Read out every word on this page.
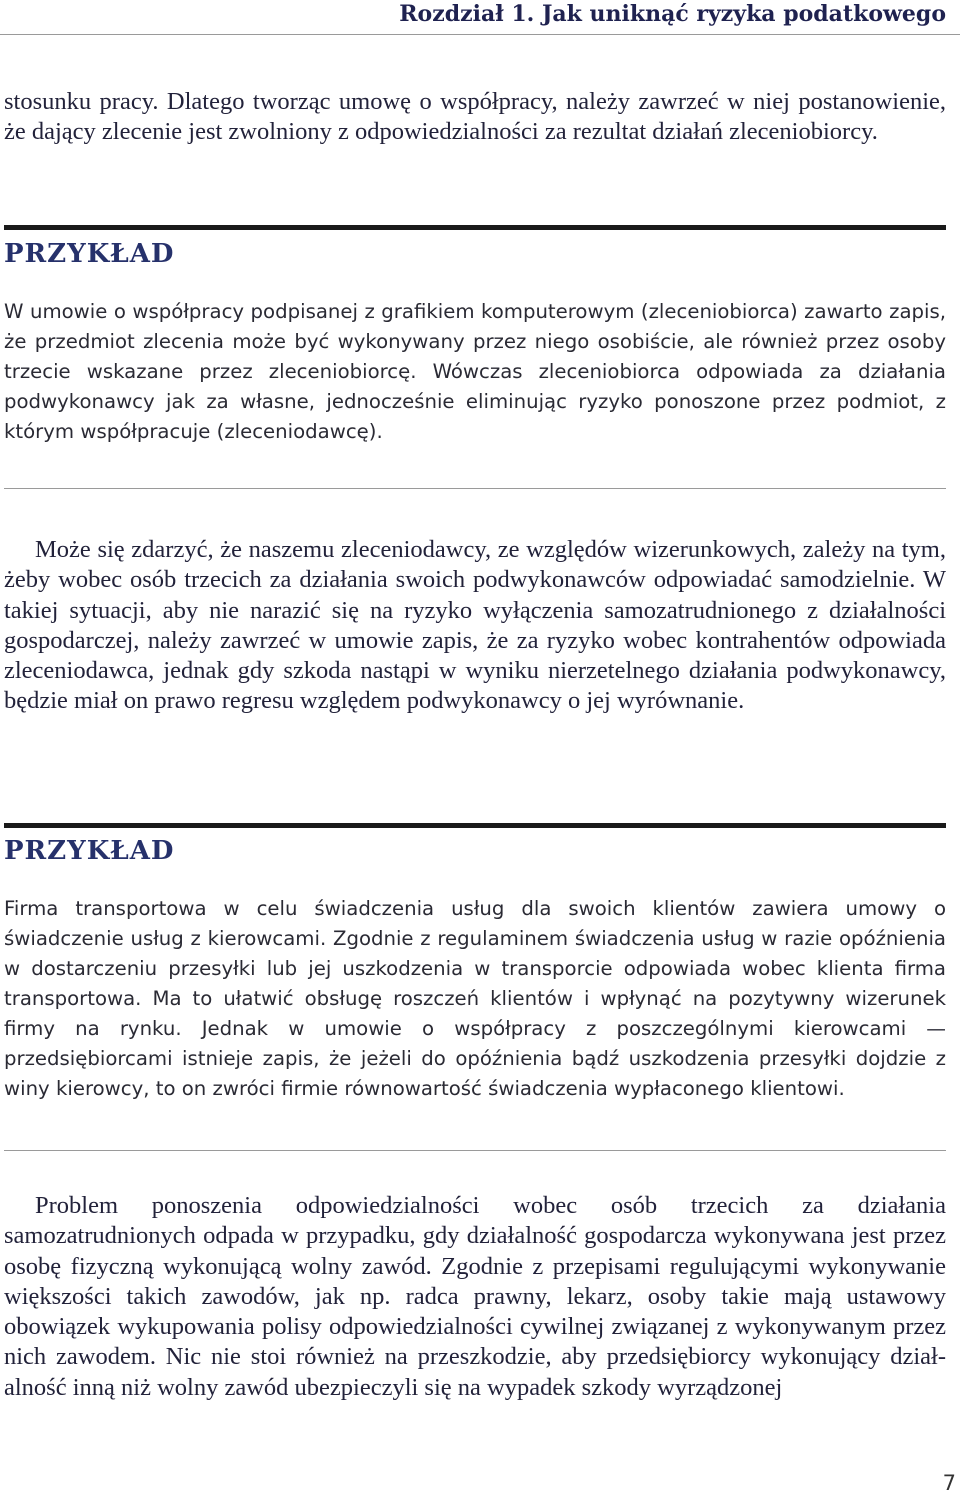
Rozdział 1. Jak uniknąć ryzyka podatkowego

stosunku pracy. Dlatego tworząc umowę o współpracy, należy zawrzeć w niej postanowienie, że dający zlecenie jest zwolniony z odpowiedzialności za rezultat działań zleceniobiorcy.

PRZYKŁAD

W umowie o współpracy podpisanej z grafikiem komputerowym (zleceniobiorca) zawarto zapis, że przedmiot zlecenia może być wykonywany przez niego osobiście, ale również przez osoby trzecie wskazane przez zleceniobiorcę. Wówczas zleceniobiorca odpowiada za działania podwykonawcy jak za własne, jednocześnie eliminując ryzyko ponoszone przez podmiot, z którym współpracuje (zleceniodawcę).

Może się zdarzyć, że naszemu zleceniodawcy, ze względów wizerunkowych, zależy na tym, żeby wobec osób trzecich za działania swoich podwykonawców odpowiadać samodzielnie. W takiej sytuacji, aby nie narazić się na ryzyko wyłączenia samozatrudnionego z działalności gospodarczej, należy zawrzeć w umowie zapis, że za ryzyko wobec kontrahentów odpowiada zleceniodawca, jednak gdy szkoda nastąpi w wyniku nierzetelnego działania podwykonawcy, będzie miał on prawo regresu względem podwykonawcy o jej wyrównanie.

PRZYKŁAD

Firma transportowa w celu świadczenia usług dla swoich klientów zawiera umowy o świadczenie usług z kierowcami. Zgodnie z regulaminem świadczenia usług w razie opóźnienia w dostarczeniu przesyłki lub jej uszkodzenia w transporcie odpowiada wobec klienta firma transportowa. Ma to ułatwić obsługę roszczeń klientów i wpłynąć na pozytywny wizerunek firmy na rynku. Jednak w umowie o współpracy z poszczególnymi kierowcami — przedsiębiorcami istnieje zapis, że jeżeli do opóźnienia bądź uszkodzenia przesyłki dojdzie z winy kierowcy, to on zwróci firmie równowartość świadczenia wypłaconego klientowi.

Problem ponoszenia odpowiedzialności wobec osób trzecich za działania samozatrudnionych odpada w przypadku, gdy działalność gospodarcza wykonywana jest przez osobę fizyczną wykonującą wolny zawód. Zgodnie z przepisami regulującymi wykonywanie większości takich zawodów, jak np. radca prawny, lekarz, osoby takie mają ustawowy obowiązek wykupowania polisy odpowiedzialności cywilnej związanej z wykonywanym przez nich zawodem. Nic nie stoi również na przeszkodzie, aby przedsiębiorcy wykonujący działalność inną niż wolny zawód ubezpieczyli się na wypadek szkody wyrządzonej

7
